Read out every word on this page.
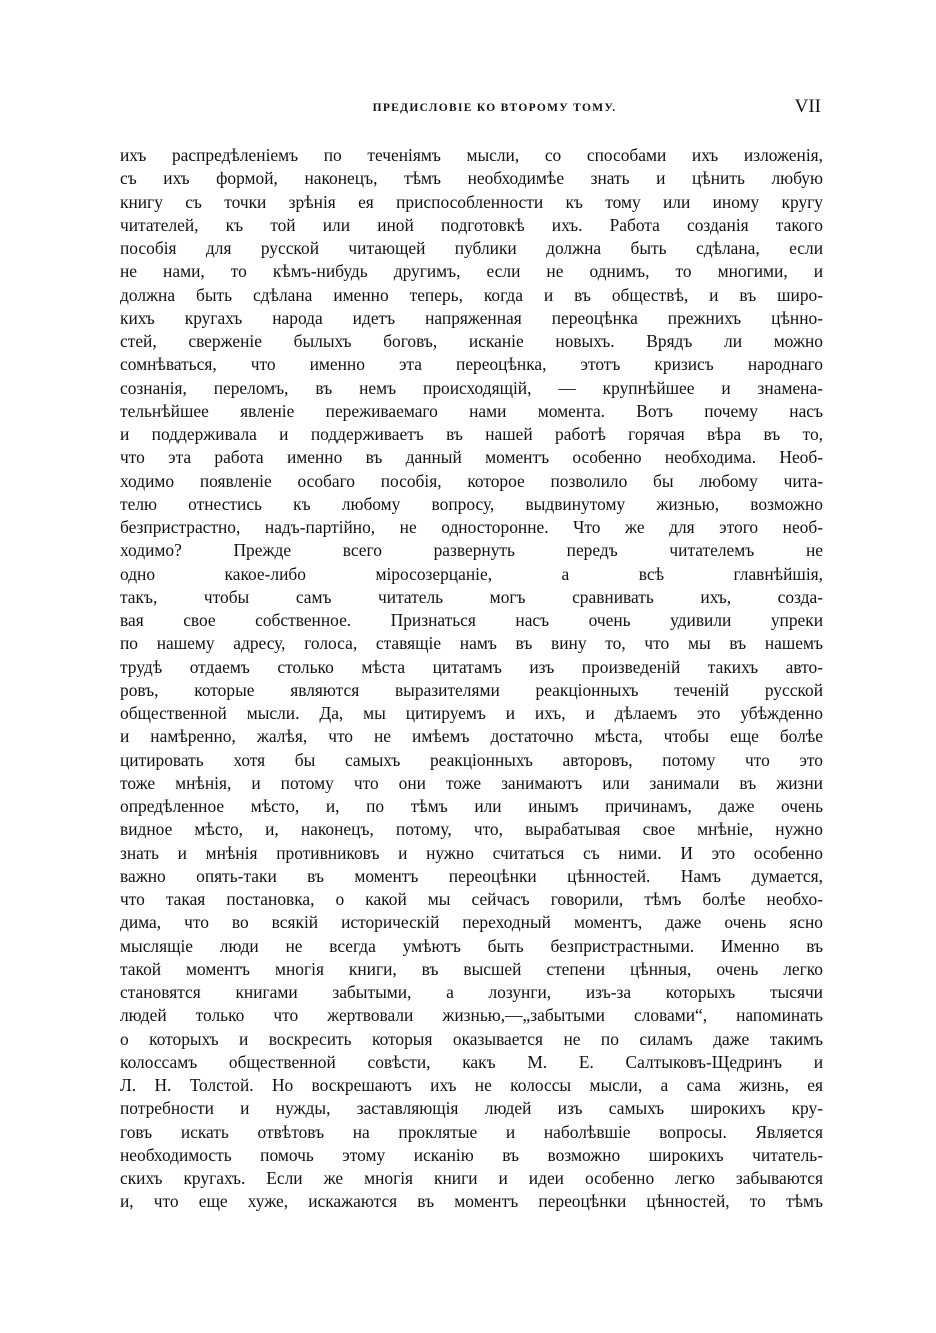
ПРЕДИСЛОВІЕ КО ВТОРОМУ ТОМУ.	VII
ихъ распредѣленіемъ по теченіямъ мысли, со способами ихъ изложенія,
съ ихъ формой, наконецъ, тѣмъ необходимѣе знать и цѣнить любую
книгу съ точки зрѣнія ея приспособленности къ тому или иному кругу
читателей, къ той или иной подготовкѣ ихъ. Работа созданія такого
пособія для русской читающей публики должна быть сдѣлана, если
не нами, то кѣмъ-нибудь другимъ, если не однимъ, то многими, и
должна быть сдѣлана именно теперь, когда и въ обществѣ, и въ широ-
кихъ кругахъ народа идетъ напряженная переоцѣнка прежнихъ цѣнно-
стей, сверженіе былыхъ боговъ, исканіе новыхъ. Врядъ ли можно
сомнѣваться, что именно эта переоцѣнка, этотъ кризисъ народнаго
сознанія, переломъ, въ немъ происходящій, — крупнѣйшее и знамена-
тельнѣйшее явленіе переживаемаго нами момента. Вотъ почему насъ
и поддерживала и поддерживаетъ въ нашей работѣ горячая вѣра въ то,
что эта работа именно въ данный моментъ особенно необходима. Необ-
ходимо появленіе особаго пособія, которое позволило бы любому чита-
телю отнестись къ любому вопросу, выдвинутому жизнью, возможно
безпристрастно, надъ-партійно, не односторонне. Что же для этого необ-
ходимо? Прежде всего развернуть передъ читателемъ не
одно какое-либо міросозерцаніе, а всѣ главнѣйшія,
такъ, чтобы самъ читатель могъ сравнивать ихъ, созда-
вая свое собственное. Признаться насъ очень удивили упреки
по нашему адресу, голоса, ставящіе намъ въ вину то, что мы въ нашемъ
трудѣ отдаемъ столько мѣста цитатамъ изъ произведеній такихъ авто-
ровъ, которые являются выразителями реакціонныхъ теченій русской
общественной мысли. Да, мы цитируемъ и ихъ, и дѣлаемъ это убѣжденно
и намѣренно, жалѣя, что не имѣемъ достаточно мѣста, чтобы еще болѣе
цитировать хотя бы самыхъ реакціонныхъ авторовъ, потому что это
тоже мнѣнія, и потому что они тоже занимаютъ или занимали въ жизни
опредѣленное мѣсто, и, по тѣмъ или инымъ причинамъ, даже очень
видное мѣсто, и, наконецъ, потому, что, вырабатывая свое мнѣніе, нужно
знать и мнѣнія противниковъ и нужно считаться съ ними. И это особенно
важно опять-таки въ моментъ переоцѣнки цѣнностей. Намъ думается,
что такая постановка, о какой мы сейчасъ говорили, тѣмъ болѣе необхо-
дима, что во всякій историческій переходный моментъ, даже очень ясно
мыслящіе люди не всегда умѣютъ быть безпристрастными. Именно въ
такой моментъ многія книги, въ высшей степени цѣнныя, очень легко
становятся книгами забытыми, а лозунги, изъ-за которыхъ тысячи
людей только что жертвовали жизнью,—„забытыми словами“, напоминать
о которыхъ и воскресить которыя оказывается не по силамъ даже такимъ
колоссамъ общественной совѣсти, какъ М. Е. Салтыковъ-Щедринъ и
Л. Н. Толстой. Но воскрешаютъ ихъ не колоссы мысли, а сама жизнь, ея
потребности и нужды, заставляющія людей изъ самыхъ широкихъ кру-
говъ искать отвѣтовъ на проклятые и наболѣвшіе вопросы. Является
необходимость помочь этому исканію въ возможно широкихъ читатель-
скихъ кругахъ. Если же многія книги и идеи особенно легко забываются
и, что еще хуже, искажаются въ моментъ переоцѣнки цѣнностей, то тѣмъ
